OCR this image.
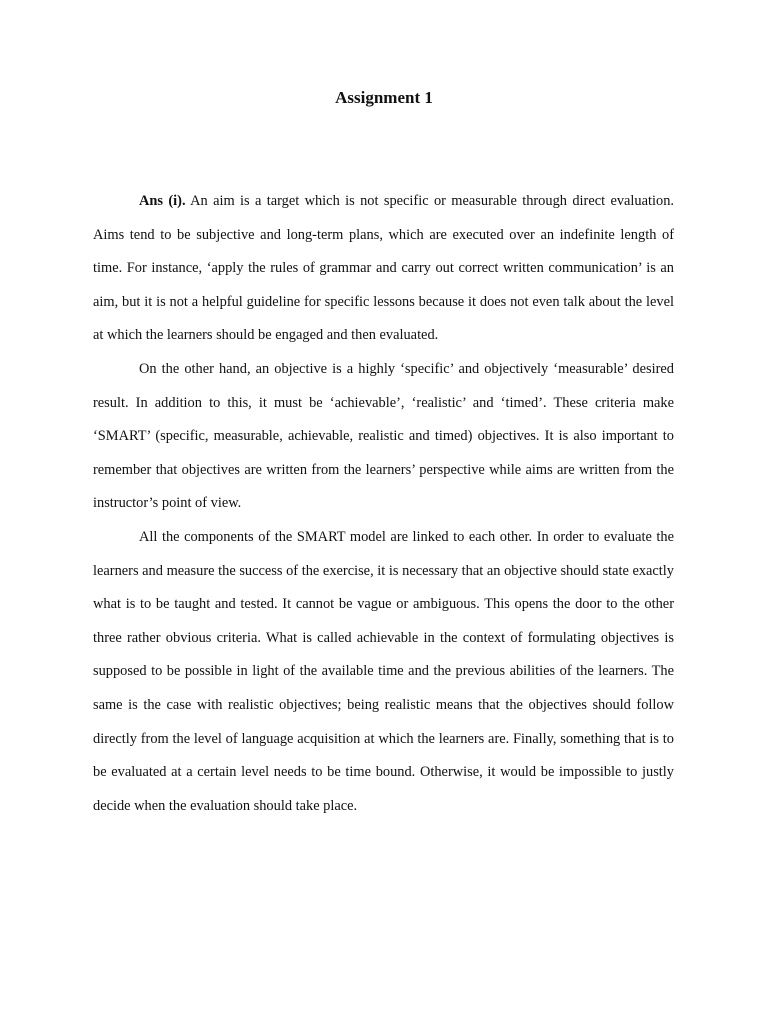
Assignment 1

Ans (i). An aim is a target which is not specific or measurable through direct evaluation. Aims tend to be subjective and long-term plans, which are executed over an indefinite length of time. For instance, ‘apply the rules of grammar and carry out correct written communication’ is an aim, but it is not a helpful guideline for specific lessons because it does not even talk about the level at which the learners should be engaged and then evaluated.

On the other hand, an objective is a highly ‘specific’ and objectively ‘measurable’ desired result. In addition to this, it must be ‘achievable’, ‘realistic’ and ‘timed’. These criteria make ‘SMART’ (specific, measurable, achievable, realistic and timed) objectives. It is also important to remember that objectives are written from the learners’ perspective while aims are written from the instructor’s point of view.

All the components of the SMART model are linked to each other. In order to evaluate the learners and measure the success of the exercise, it is necessary that an objective should state exactly what is to be taught and tested. It cannot be vague or ambiguous. This opens the door to the other three rather obvious criteria. What is called achievable in the context of formulating objectives is supposed to be possible in light of the available time and the previous abilities of the learners. The same is the case with realistic objectives; being realistic means that the objectives should follow directly from the level of language acquisition at which the learners are. Finally, something that is to be evaluated at a certain level needs to be time bound. Otherwise, it would be impossible to justly decide when the evaluation should take place.
